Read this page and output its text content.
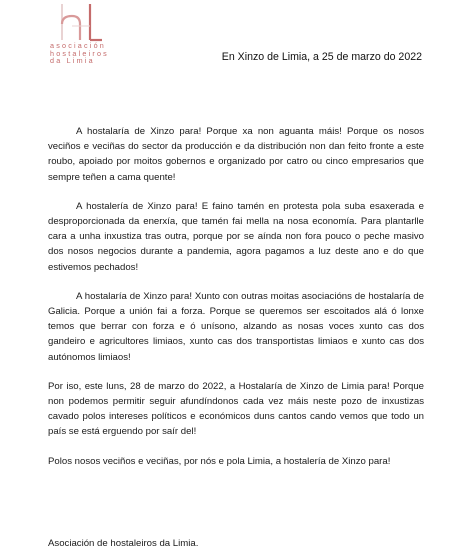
asociación
hostaleiros
da Limia	En Xinzo de Limia, a 25 de marzo do 2022

A hostalaría de Xinzo para! Porque xa non aguanta máis! Porque os nosos veciños e veciñas do sector da producción e da distribución non dan feito fronte a este roubo, apoiado por moitos gobernos e organizado por catro ou cinco empresarios que sempre teñen a cama quente!

A hostalería de Xinzo para! E faino tamén en protesta pola suba esaxerada e desproporcionada da enerxía, que tamén fai mella na nosa economía. Para plantarlle cara a unha inxustiza tras outra, porque por se aínda non fora pouco o peche masivo dos nosos negocios durante a pandemia, agora pagamos a luz deste ano e do que estivemos pechados!

A hostalaría de Xinzo para! Xunto con outras moitas asociacións de hostalaría de Galicia. Porque a unión fai a forza. Porque se queremos ser escoitados alá ó lonxe temos que berrar con forza e ó unísono, alzando as nosas voces xunto cas dos gandeiro e agricultores limiaos, xunto cas dos transportistas limiaos e xunto cas dos autónomos limiaos!

Por iso, este luns, 28 de marzo do 2022, a Hostalaría de Xinzo de Limia para! Porque non podemos permitir seguir afundíndonos cada vez máis neste pozo de inxustizas cavado polos intereses políticos e económicos duns cantos cando vemos que todo un país se está erguendo por saír del!

Polos nosos veciños e veciñas, por nós e pola Limia, a hostalería de Xinzo para!

Asociación de hostaleiros da Limia.
